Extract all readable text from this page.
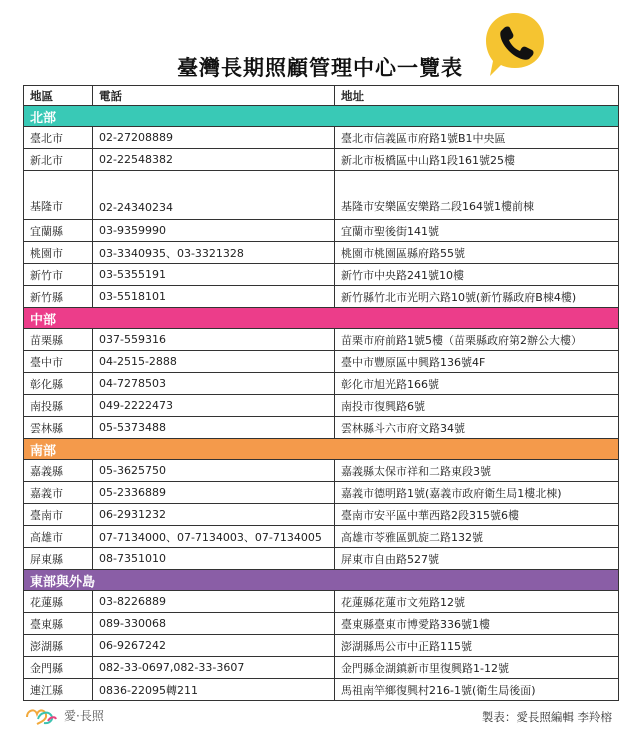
臺灣長期照顧管理中心一覽表
地區	電話	地址
北部		
臺北市	02-27208889	臺北市信義區市府路1號B1中央區
新北市	02-22548382	新北市板橋區中山路1段161號25樓
基隆市	02-24340234	基隆市安樂區安樂路二段164號1樓前棟
宜蘭縣	03-9359990	宜蘭市聖後街141號
桃園市	03-3340935、03-3321328	桃園市桃園區縣府路55號
新竹市	03-5355191	新竹市中央路241號10樓
新竹縣	03-5518101	新竹縣竹北市光明六路10號(新竹縣政府B棟4樓)
中部		
苗栗縣	037-559316	苗栗市府前路1號5樓（苗栗縣政府第2辦公大樓）
臺中市	04-2515-2888	臺中市豐原區中興路136號4F
彰化縣	04-7278503	彰化市旭光路166號
南投縣	049-2222473	南投市復興路6號
雲林縣	05-5373488	雲林縣斗六市府文路34號
南部		
嘉義縣	05-3625750	嘉義縣太保市祥和二路東段3號
嘉義市	05-2336889	嘉義市德明路1號(嘉義市政府衛生局1樓北棟)
臺南市	06-2931232	臺南市安平區中華西路2段315號6樓
高雄市	07-7134000、07-7134003、07-7134005	高雄市苓雅區凱旋二路132號
屏東縣	08-7351010	屏東市自由路527號
東部與外島		
花蓮縣	03-8226889	花蓮縣花蓮市文苑路12號
臺東縣	089-330068	臺東縣臺東市博愛路336號1樓
澎湖縣	06-9267242	澎湖縣馬公市中正路115號
金門縣	082-33-0697,082-33-3607	金門縣金湖鎮新市里復興路1-12號
連江縣	0836-22095轉211	馬祖南竿鄉復興村216-1號(衛生局後面)
愛·長照	製表：愛長照編輯 李羚榕
